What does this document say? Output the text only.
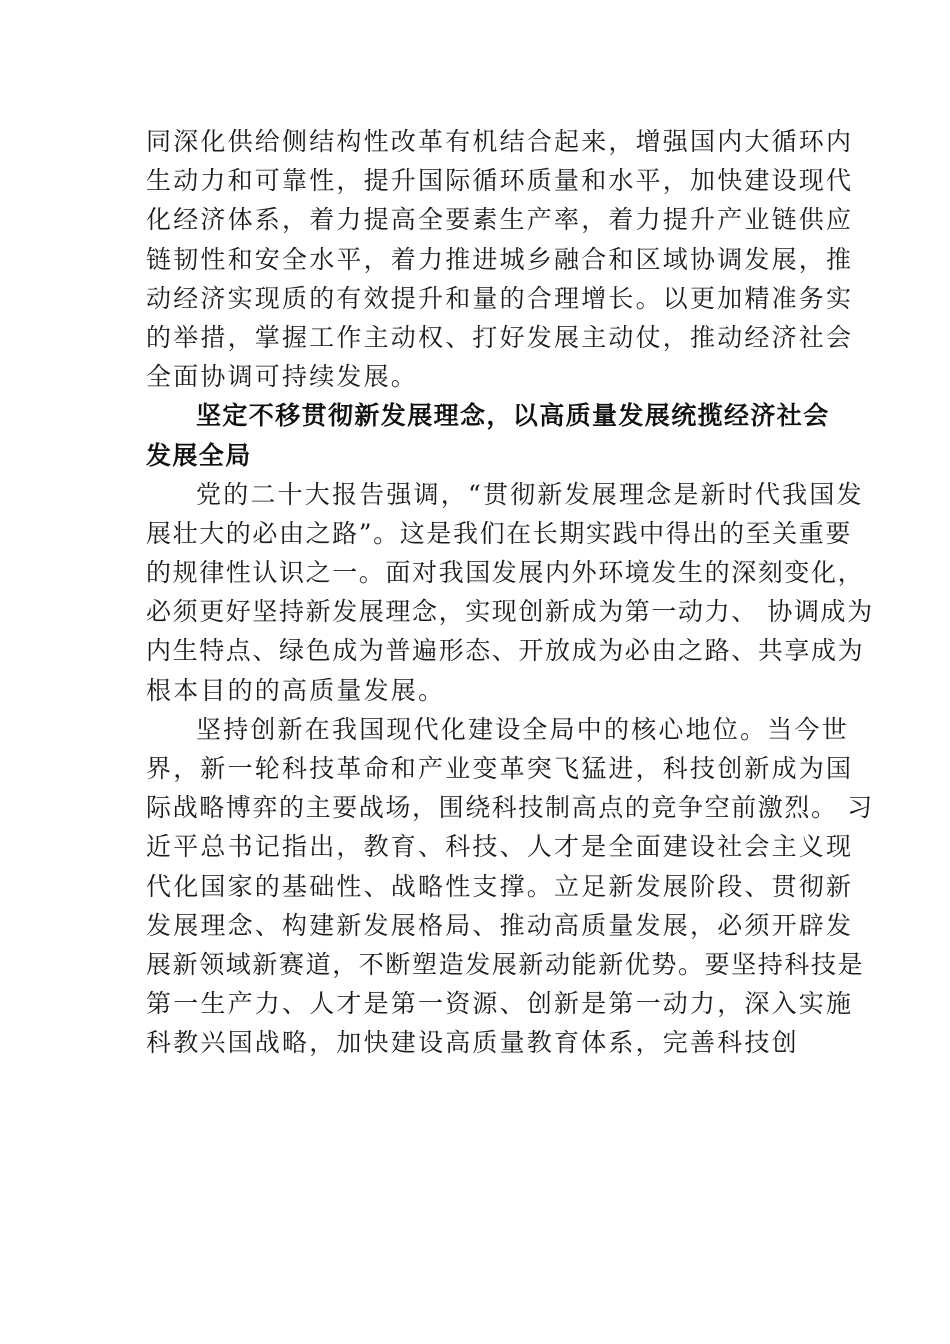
同深化供给侧结构性改革有机结合起来，增强国内大循环内
生动力和可靠性，提升国际循环质量和水平，加快建设现代
化经济体系，着力提高全要素生产率，着力提升产业链供应
链韧性和安全水平，着力推进城乡融合和区域协调发展，推
动经济实现质的有效提升和量的合理增长。以更加精准务实
的举措，掌握工作主动权、打好发展主动仗，推动经济社会
全面协调可持续发展。
坚定不移贯彻新发展理念，以高质量发展统揽经济社会
发展全局
党的二十大报告强调，“贯彻新发展理念是新时代我国发
展壮大的必由之路”。这是我们在长期实践中得出的至关重要
的规律性认识之一。面对我国发展内外环境发生的深刻变化，
必须更好坚持新发展理念，实现创新成为第一动力、 协调成为
内生特点、绿色成为普遍形态、开放成为必由之路、共享成为
根本目的的高质量发展。
坚持创新在我国现代化建设全局中的核心地位。当今世
界，新一轮科技革命和产业变革突飞猛进，科技创新成为国
际战略博弈的主要战场，围绕科技制高点的竞争空前激烈。 习
近平总书记指出，教育、科技、人才是全面建设社会主义现
代化国家的基础性、战略性支撑。立足新发展阶段、贯彻新
发展理念、构建新发展格局、推动高质量发展，必须开辟发
展新领域新赛道，不断塑造发展新动能新优势。要坚持科技是
第一生产力、人才是第一资源、创新是第一动力，深入实施
科教兴国战略，加快建设高质量教育体系，完善科技创
